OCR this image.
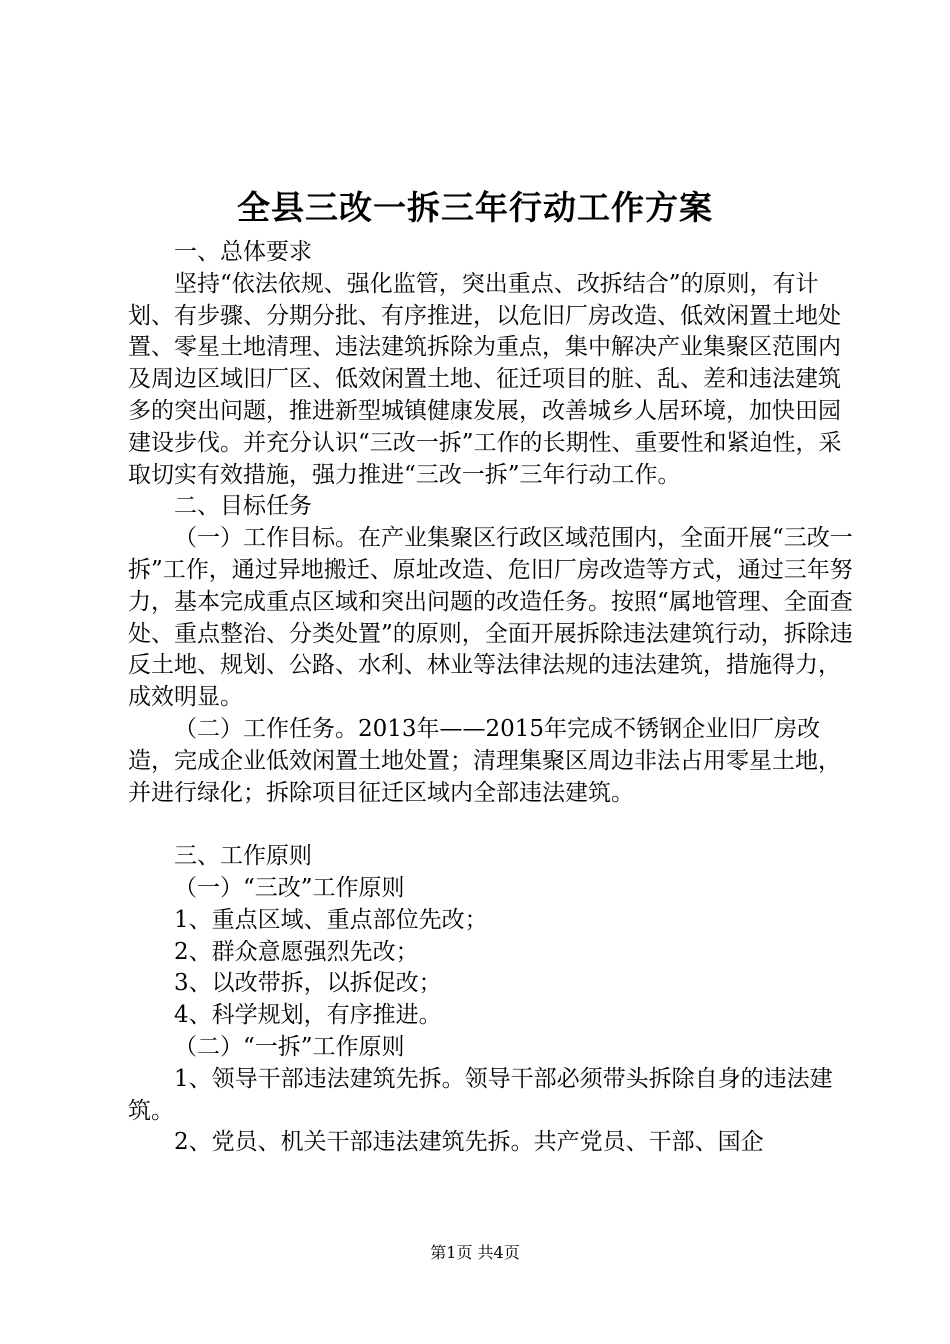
全县三改一拆三年行动工作方案
一、总体要求
坚持“依法依规、强化监管，突出重点、改拆结合”的原则，有计划、有步骤、分期分批、有序推进，以危旧厂房改造、低效闲置土地处置、零星土地清理、违法建筑拆除为重点，集中解决产业集聚区范围内及周边区域旧厂区、低效闲置土地、征迁项目的脏、乱、差和违法建筑多的突出问题，推进新型城镇健康发展，改善城乡人居环境，加快田园建设步伐。并充分认识“三改一拆”工作的长期性、重要性和紧迫性，采取切实有效措施，强力推进“三改一拆”三年行动工作。
二、目标任务
（一）工作目标。在产业集聚区行政区域范围内，全面开展“三改一拆”工作，通过异地搬迁、原址改造、危旧厂房改造等方式，通过三年努力，基本完成重点区域和突出问题的改造任务。按照“属地管理、全面查处、重点整治、分类处置”的原则，全面开展拆除违法建筑行动，拆除违反土地、规划、公路、水利、林业等法律法规的违法建筑，措施得力，成效明显。
（二）工作任务。2013年——2015年完成不锈钢企业旧厂房改造，完成企业低效闲置土地处置；清理集聚区周边非法占用零星土地，并进行绿化；拆除项目征迁区域内全部违法建筑。
三、工作原则
（一）“三改”工作原则
1、重点区域、重点部位先改；
2、群众意愿强烈先改；
3、以改带拆，以拆促改；
4、科学规划，有序推进。
（二）“一拆”工作原则
1、领导干部违法建筑先拆。领导干部必须带头拆除自身的违法建筑。
2、党员、机关干部违法建筑先拆。共产党员、干部、国企
第1页 共4页
